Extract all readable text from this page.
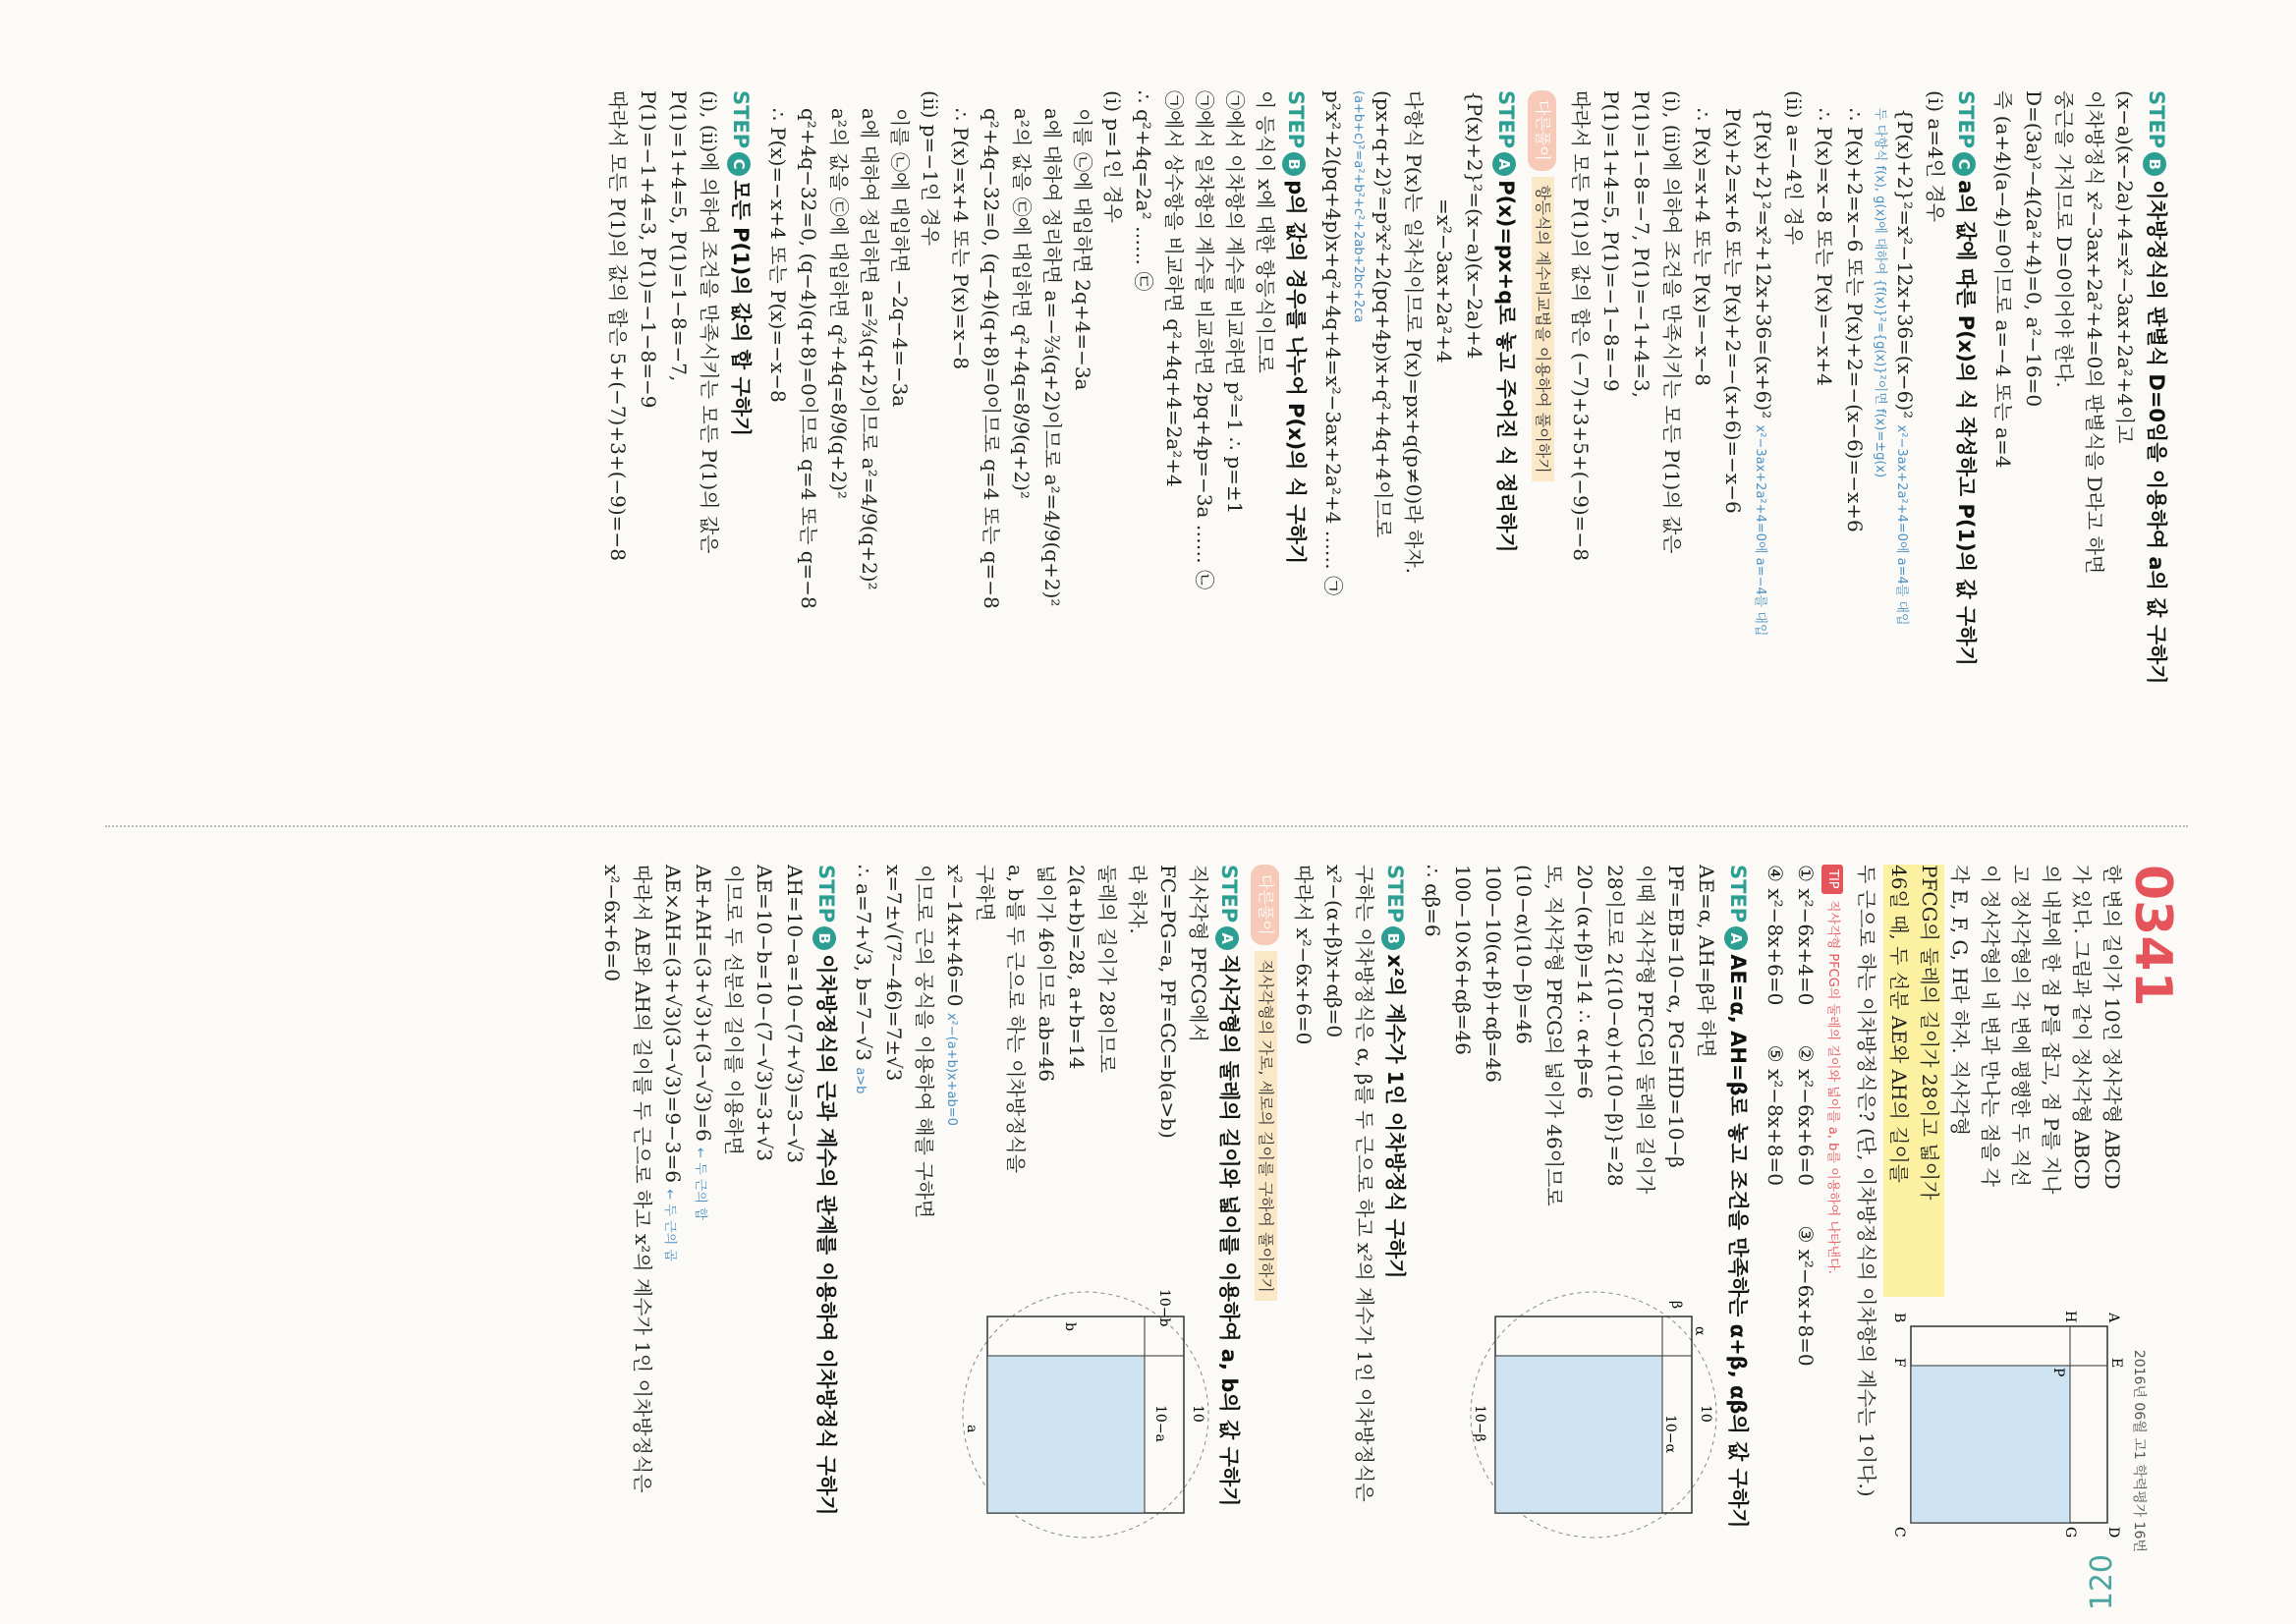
120
STEPB이차방정식의 판별식 D=0임을 이용하여 a의 값 구하기
(x−a)(x−2a)+4=x²−3ax+2a²+4이고
이차방정식 x²−3ax+2a²+4=0의 판별식을 D라고 하면
중근을 가지므로 D=0이어야 한다.
D=(3a)²−4(2a²+4)=0, a²−16=0
즉 (a+4)(a−4)=0이므로 a=−4 또는 a=4
STEPCa의 값에 따른 P(x)의 식 작성하고 P(1)의 값 구하기
(ⅰ) a=4인 경우
{P(x)+2}²=x²−12x+36=(x−6)² x²−3ax+2a²+4=0에 a=4를 대입
두 다항식 f(x), g(x)에 대하여 {f(x)}²={g(x)}²이면 f(x)=±g(x)
∴ P(x)+2=x−6 또는 P(x)+2=−(x−6)=−x+6
∴ P(x)=x−8 또는 P(x)=−x+4
(ⅱ) a=−4인 경우
{P(x)+2}²=x²+12x+36=(x+6)² x²−3ax+2a²+4=0에 a=−4를 대입
P(x)+2=x+6 또는 P(x)+2=−(x+6)=−x−6
∴ P(x)=x+4 또는 P(x)=−x−8
(ⅰ), (ⅱ)에 의하여 조건을 만족시키는 모든 P(1)의 값은
P(1)=1−8=−7, P(1)=−1+4=3,
P(1)=1+4=5, P(1)=−1−8=−9
따라서 모든 P(1)의 값의 합은 (−7)+3+5+(−9)=−8
다른풀이 항등식의 계수비교법을 이용하여 풀이하기
STEPAP(x)=px+q로 놓고 주어진 식 정리하기
{P(x)+2}²=(x−a)(x−2a)+4
=x²−3ax+2a²+4
다항식 P(x)는 일차식이므로 P(x)=px+q(p≠0)라 하자.
(px+q+2)²=p²x²+2(pq+4p)x+q²+4q+4이므로
(a+b+c)²=a²+b²+c²+2ab+2bc+2ca
p²x²+2(pq+4p)x+q²+4q+4=x²−3ax+2a²+4 …… ㉠
STEPBp의 값의 경우를 나누어 P(x)의 식 구하기
이 등식이 x에 대한 항등식이므로
㉠에서 이차항의 계수를 비교하면 p²=1 ∴ p=±1
㉠에서 일차항의 계수를 비교하면 2pq+4p=−3a …… ㉡
㉠에서 상수항을 비교하면 q²+4q+4=2a²+4
∴ q²+4q=2a² …… ㉢
(ⅰ) p=1인 경우
이를 ㉡에 대입하면 2q+4=−3a
a에 대하여 정리하면 a=−⅔(q+2)이므로 a²=4/9(q+2)²
a²의 값을 ㉢에 대입하면 q²+4q=8/9(q+2)²
q²+4q−32=0, (q−4)(q+8)=0이므로 q=4 또는 q=−8
∴ P(x)=x+4 또는 P(x)=x−8
(ⅱ) p=−1인 경우
이를 ㉡에 대입하면 −2q−4=−3a
a에 대하여 정리하면 a=⅔(q+2)이므로 a²=4/9(q+2)²
a²의 값을 ㉢에 대입하면 q²+4q=8/9(q+2)²
q²+4q−32=0, (q−4)(q+8)=0이므로 q=4 또는 q=−8
∴ P(x)=−x+4 또는 P(x)=−x−8
STEPC모든 P(1)의 값의 합 구하기
(ⅰ), (ⅱ)에 의하여 조건을 만족시키는 모든 P(1)의 값은
P(1)=1+4=5, P(1)=1−8=−7,
P(1)=−1+4=3, P(1)=−1−8=−9
따라서 모든 P(1)의 값의 합은 5+(−7)+3+(−9)=−8
0341
2016년 06월 고1 학력평가 16번
한 변의 길이가 10인 정사각형 ABCD
가 있다. 그림과 같이 정사각형 ABCD
의 내부에 한 점 P를 잡고, 점 P를 지나
고 정사각형의 각 변에 평행한 두 직선
이 정사각형의 네 변과 만나는 점을 각
각 E, F, G, H라 하자. 직사각형
PFCG의 둘레의 길이가 28이고 넓이가
46일 때, 두 선분 AE와 AH의 길이를
A
D
B
C
E
H
P
G
F
두 근으로 하는 이차방정식은? (단, 이차방정식의 이차항의 계수는 1이다.)
TIP 직사각형 PFCG의 둘레의 길이와 넓이를 a, b를 이용하여 나타낸다.
① x²−6x+4=0 ② x²−6x+6=0 ③ x²−6x+8=0
④ x²−8x+6=0 ⑤ x²−8x+8=0
STEPAAE=α, AH=β로 놓고 조건을 만족하는 α+β, αβ의 값 구하기
AE=α, AH=β라 하면
PF=EB=10−α, PG=HD=10−β
이때 직사각형 PFCG의 둘레의 길이가
28이므로 2{(10−α)+(10−β)}=28
20−(α+β)=14 ∴ α+β=6
또, 직사각형 PFCG의 넓이가 46이므로
(10−α)(10−β)=46
100−10(α+β)+αβ=46
100−10×6+αβ=46
∴ αβ=6
10
α
β
10−α
10−β
STEPBx²의 계수가 1인 이차방정식 구하기
구하는 이차방정식은 α, β를 두 근으로 하고 x²의 계수가 1인 이차방정식은
x²−(α+β)x+αβ=0
따라서 x²−6x+6=0
다른풀이 직사각형의 가로, 세로의 길이를 구하여 풀이하기
STEPA직사각형의 둘레의 길이와 넓이를 이용하여 a, b의 값 구하기
직사각형 PFCG에서
FC=PG=a, PF=GC=b(a>b)
라 하자.
둘레의 길이가 28이므로
2(a+b)=28, a+b=14
넓이가 46이므로 ab=46
a, b를 두 근으로 하는 이차방정식을
구하면
x²−14x+46=0 x²−(a+b)x+ab=0
이므로 근의 공식을 이용하여 해를 구하면
x=7±√(7²−46)=7±√3
∴ a=7+√3, b=7−√3 a>b
10
10−a
10−b
a
b
STEPB이차방정식의 근과 계수의 관계를 이용하여 이차방정식 구하기
AH=10−a=10−(7+√3)=3−√3
AE=10−b=10−(7−√3)=3+√3
이므로 두 선분의 길이를 이용하면
AE+AH=(3+√3)+(3−√3)=6 ← 두 근의 합
AE×AH=(3+√3)(3−√3)=9−3=6 ← 두 근의 곱
따라서 AE와 AH의 길이를 두 근으로 하고 x²의 계수가 1인 이차방정식은
x²−6x+6=0
